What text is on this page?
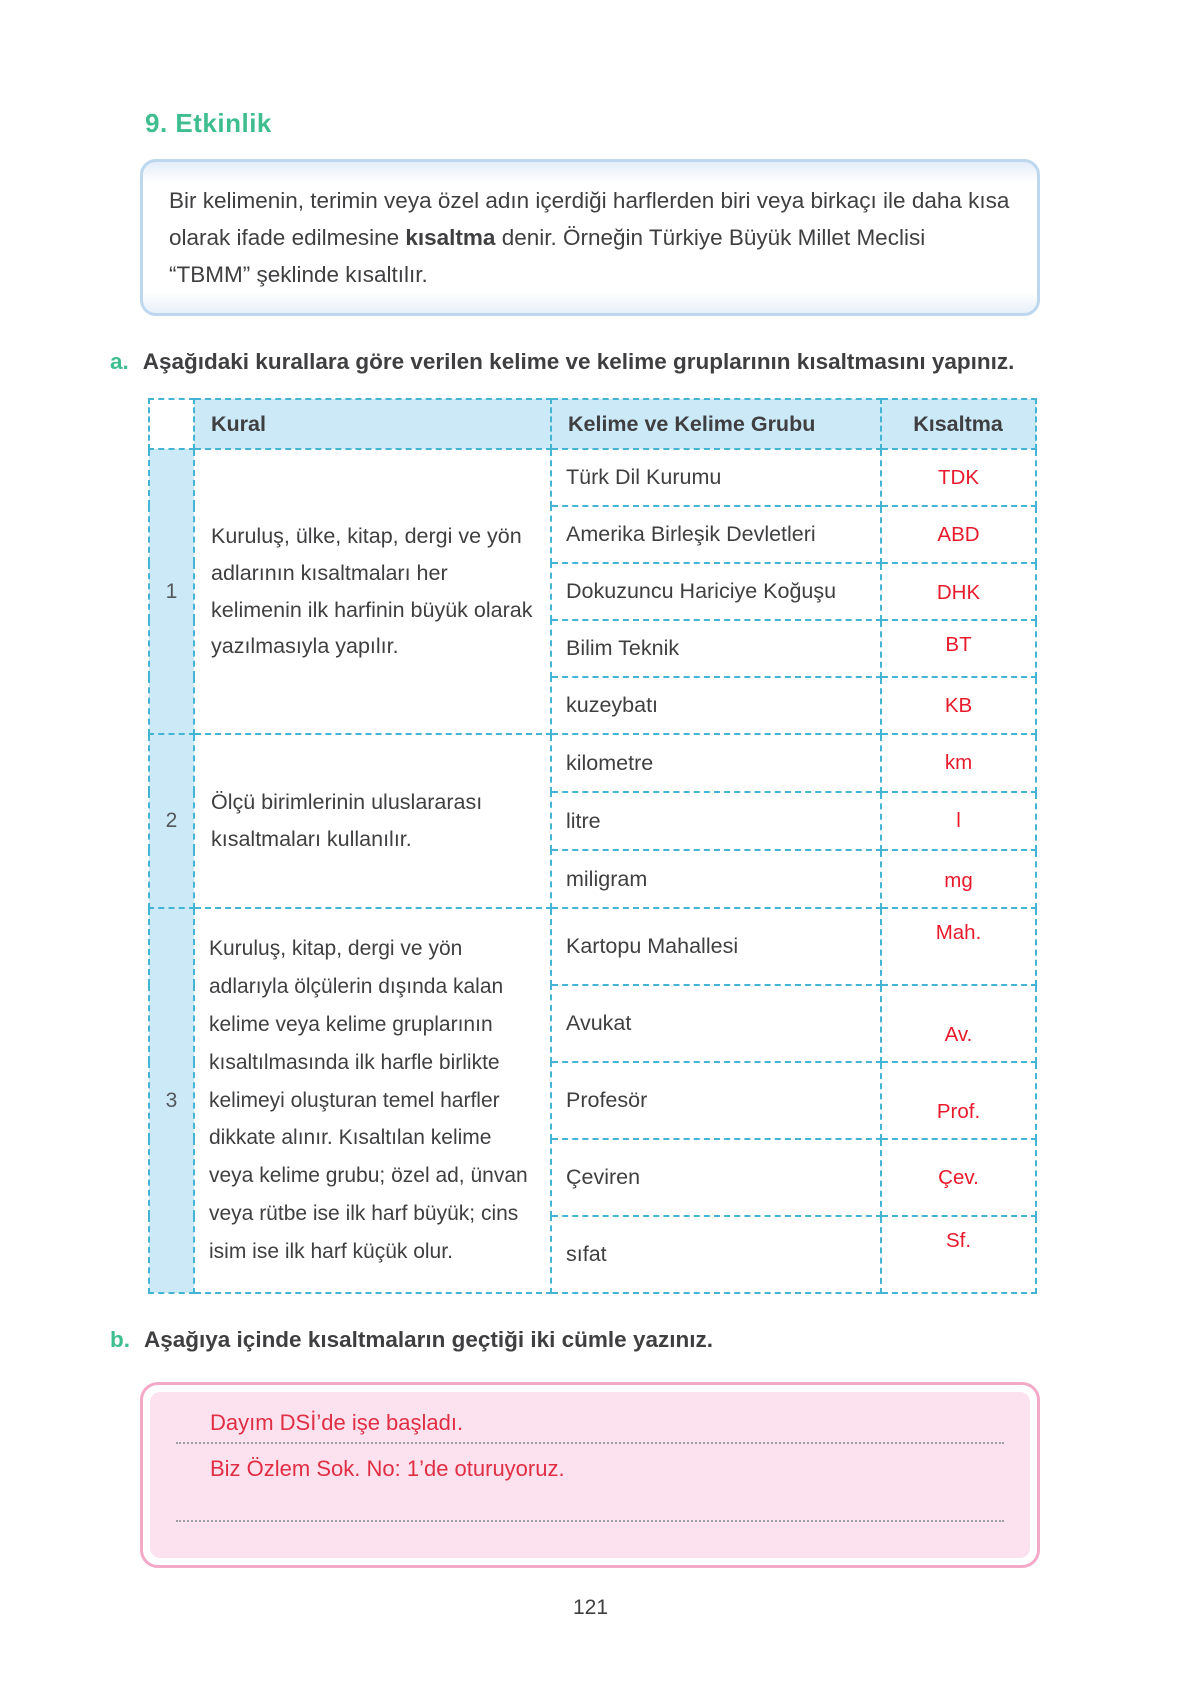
9. Etkinlik
Bir kelimenin, terimin veya özel adın içerdiği harflerden biri veya birkaçı ile daha kısa olarak ifade edilmesine kısaltma denir. Örneğin Türkiye Büyük Millet Meclisi “TBMM” şeklinde kısaltılır.
a. Aşağıdaki kurallara göre verilen kelime ve kelime gruplarının kısaltmasını yapınız.
	Kural	Kelime ve Kelime Grubu	Kısaltma
1	Kuruluş, ülke, kitap, dergi ve yön adlarının kısaltmaları her kelimenin ilk harfinin büyük olarak yazılmasıyla yapılır.	Türk Dil Kurumu	TDK
		Amerika Birleşik Devletleri	ABD
		Dokuzuncu Hariciye Koğuşu	DHK
		Bilim Teknik	BT
		kuzeybatı	KB
2	Ölçü birimlerinin uluslararası kısaltmaları kullanılır.	kilometre	km
		litre	l
		miligram	mg
3	Kuruluş, kitap, dergi ve yön adlarıyla ölçülerin dışında kalan kelime veya kelime gruplarının kısaltılmasında ilk harfle birlikte kelimeyi oluşturan temel harfler dikkate alınır. Kısaltılan kelime veya kelime grubu; özel ad, ünvan veya rütbe ise ilk harf büyük; cins isim ise ilk harf küçük olur.	Kartopu Mahallesi	Mah.
		Avukat	Av.
		Profesör	Prof.
		Çeviren	Çev.
		sıfat	Sf.
b. Aşağıya içinde kısaltmaların geçtiği iki cümle yazınız.
Dayım DSİ’de işe başladı.
Biz Özlem Sok. No: 1’de oturuyoruz.
121
